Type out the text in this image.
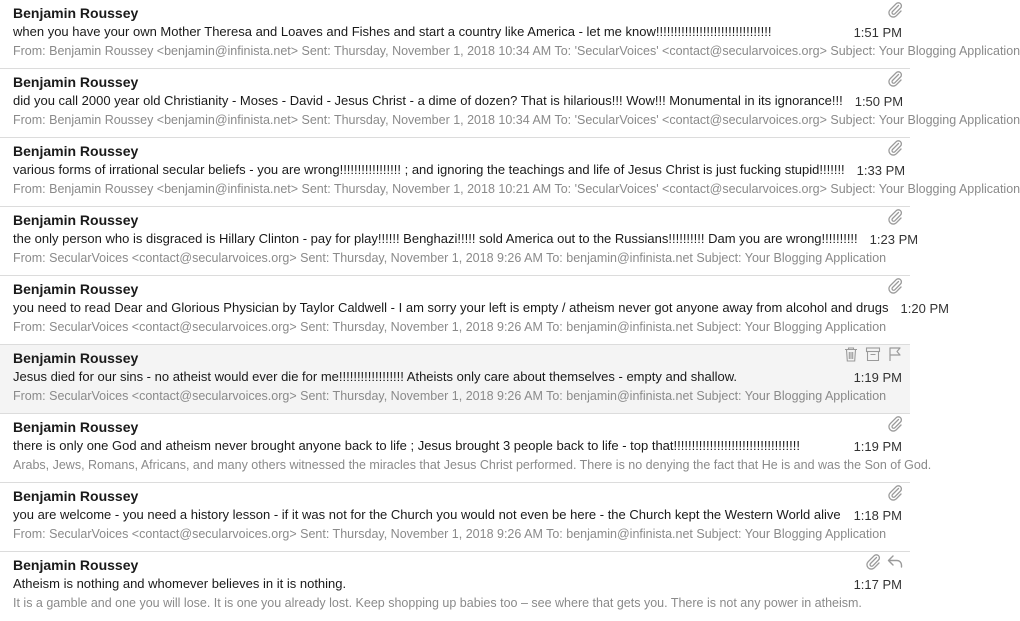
Benjamin Roussey
when you have your own Mother Theresa and Loaves and Fishes and start a country like America - let me know!!!!!!!!!!!!!!!!!!!!!!!!!!!!!!!!	1:51 PM
From: Benjamin Roussey <benjamin@infinista.net> Sent: Thursday, November 1, 2018 10:34 AM To: 'SecularVoices' <contact@secularvoices.org> Subject: Your Blogging Application
Benjamin Roussey
did you call 2000 year old Christianity - Moses - David - Jesus Christ - a dime of dozen? That is hilarious!!! Wow!!! Monumental in its ignorance!!! 1:50 PM
From: Benjamin Roussey <benjamin@infinista.net> Sent: Thursday, November 1, 2018 10:34 AM To: 'SecularVoices' <contact@secularvoices.org> Subject: Your Blogging Application
Benjamin Roussey
various forms of irrational secular beliefs - you are wrong!!!!!!!!!!!!!!!!! ; and ignoring the teachings and life of Jesus Christ is just fucking stupid!!!!!!! 1:33 PM
From: Benjamin Roussey <benjamin@infinista.net> Sent: Thursday, November 1, 2018 10:21 AM To: 'SecularVoices' <contact@secularvoices.org> Subject: Your Blogging Application
Benjamin Roussey
the only person who is disgraced is Hillary Clinton - pay for play!!!!!! Benghazi!!!!! sold America out to the Russians!!!!!!!!!! Dam you are wrong!!!!!!!!!! 1:23 PM
From: SecularVoices <contact@secularvoices.org> Sent: Thursday, November 1, 2018 9:26 AM To: benjamin@infinista.net Subject: Your Blogging Application
Benjamin Roussey
you need to read Dear and Glorious Physician by Taylor Caldwell - I am sorry your left is empty / atheism never got anyone away from alcohol and drugs 1:20 PM
From: SecularVoices <contact@secularvoices.org> Sent: Thursday, November 1, 2018 9:26 AM To: benjamin@infinista.net Subject: Your Blogging Application
Benjamin Roussey
Jesus died for our sins - no atheist would ever die for me!!!!!!!!!!!!!!!!!! Atheists only care about themselves - empty and shallow.	1:19 PM
From: SecularVoices <contact@secularvoices.org> Sent: Thursday, November 1, 2018 9:26 AM To: benjamin@infinista.net Subject: Your Blogging Application
Benjamin Roussey
there is only one God and atheism never brought anyone back to life ; Jesus brought 3 people back to life - top that!!!!!!!!!!!!!!!!!!!!!!!!!!!!!!!!!!!	1:19 PM
Arabs, Jews, Romans, Africans, and many others witnessed the miracles that Jesus Christ performed. There is no denying the fact that He is and was the Son of God.
Benjamin Roussey
you are welcome - you need a history lesson - if it was not for the Church you would not even be here - the Church kept the Western World alive 1:18 PM
From: SecularVoices <contact@secularvoices.org> Sent: Thursday, November 1, 2018 9:26 AM To: benjamin@infinista.net Subject: Your Blogging Application
Benjamin Roussey
Atheism is nothing and whomever believes in it is nothing.	1:17 PM
It is a gamble and one you will lose. It is one you already lost. Keep shopping up babies too – see where that gets you. There is not any power in atheism.
